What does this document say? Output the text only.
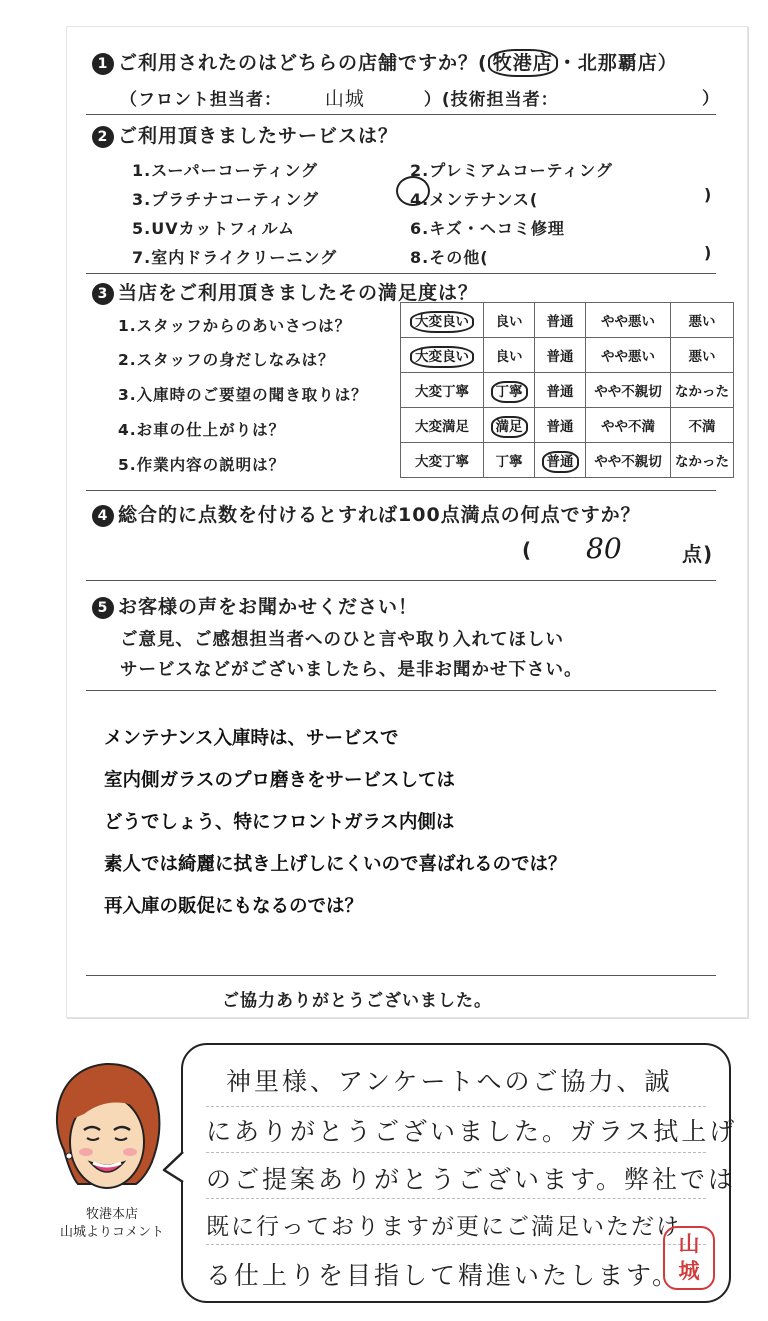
1 ご利用されたのはどちらの店舗ですか？( 牧港店 ・北那覇店）
（フロント担当者： 山城	）(技術担当者：	）
2 ご利用頂きましたサービスは？
1.スーパーコーティング
3.プラチナコーティング
5.UVカットフィルム
7.室内ドライクリーニング
2.プレミアムコーティング
4.メンテナンス(
6.キズ・ヘコミ修理
8.その他(
)
)
3 当店をご利用頂きましたその満足度は？
1.スタッフからのあいさつは？
2.スタッフの身だしなみは？
3.入庫時のご要望の聞き取りは？
4.お車の仕上がりは？
5.作業内容の説明は？
大変良い	良い	普通	やや悪い	悪い
大変良い	良い	普通	やや悪い	悪い
大変丁寧	丁寧	普通	やや不親切	なかった
大変満足	満足	普通	やや不満	不満
大変丁寧	丁寧	普通	やや不親切	なかった
4 総合的に点数を付けるとすれば100点満点の何点ですか？
( 80	点)
5 お客様の声をお聞かせください！
ご意見、ご感想担当者へのひと言や取り入れてほしい
サービスなどがございましたら、是非お聞かせ下さい。
メンテナンス入庫時は、サービスで
室内側ガラスのプロ磨きをサービスしては
どうでしょう、特にフロントガラス内側は
素人では綺麗に拭き上げしにくいので喜ばれるのでは？
再入庫の販促にもなるのでは？
ご協力ありがとうございました。
牧港本店
山城よりコメント
神里様、アンケートへのご協力、誠
にありがとうございました。ガラス拭上げ
のご提案ありがとうございます。弊社では
既に行っておりますが更にご満足いただけ
る仕上りを目指して精進いたします。
山城
